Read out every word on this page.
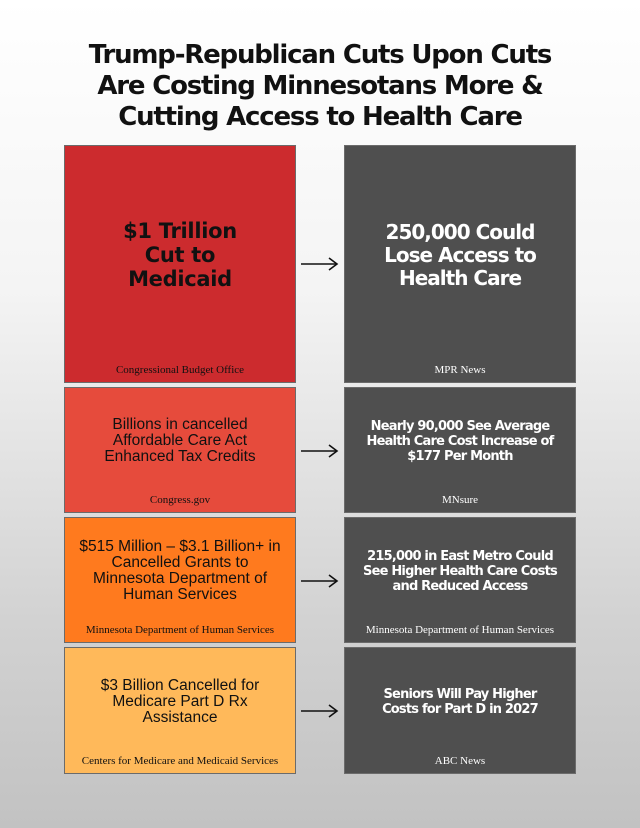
Trump-Republican Cuts Upon Cuts
Are Costing Minnesotans More &
Cutting Access to Health Care
$1 Trillion Cut to Medicaid
Congressional Budget Office
250,000 Could Lose Access to Health Care
MPR News
Billions in cancelled Affordable Care Act Enhanced Tax Credits
Congress.gov
Nearly 90,000 See Average Health Care Cost Increase of $177 Per Month
MNsure
$515 Million – $3.1 Billion+ in Cancelled Grants to Minnesota Department of Human Services
Minnesota Department of Human Services
215,000 in East Metro Could See Higher Health Care Costs and Reduced Access
Minnesota Department of Human Services
$3 Billion Cancelled for Medicare Part D Rx Assistance
Centers for Medicare and Medicaid Services
Seniors Will Pay Higher Costs for Part D in 2027
ABC News
